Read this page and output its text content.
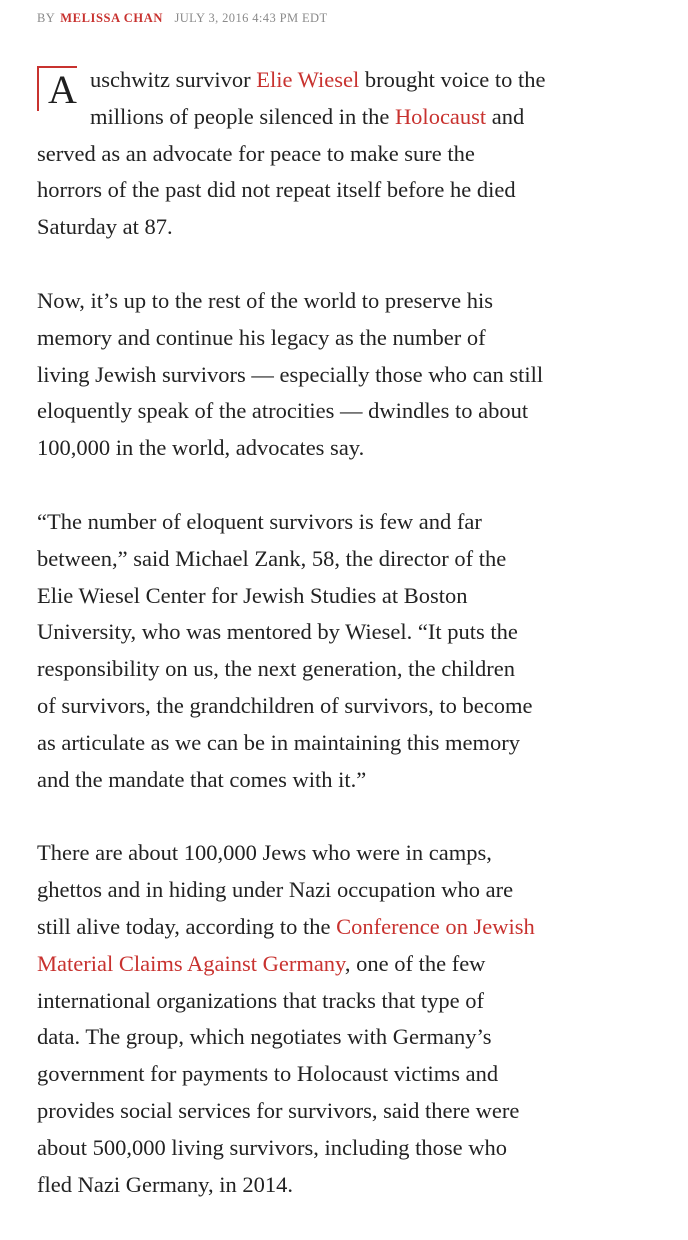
BY MELISSA CHAN JULY 3, 2016 4:43 PM EDT

A uschwitz survivor Elie Wiesel brought voice to the
millions of people silenced in the Holocaust and
served as an advocate for peace to make sure the
horrors of the past did not repeat itself before he died
Saturday at 87.

Now, it’s up to the rest of the world to preserve his
memory and continue his legacy as the number of
living Jewish survivors — especially those who can still
eloquently speak of the atrocities — dwindles to about
100,000 in the world, advocates say.

“The number of eloquent survivors is few and far
between,” said Michael Zank, 58, the director of the
Elie Wiesel Center for Jewish Studies at Boston
University, who was mentored by Wiesel. “It puts the
responsibility on us, the next generation, the children
of survivors, the grandchildren of survivors, to become
as articulate as we can be in maintaining this memory
and the mandate that comes with it.”

There are about 100,000 Jews who were in camps,
ghettos and in hiding under Nazi occupation who are
still alive today, according to the Conference on Jewish
Material Claims Against Germany, one of the few
international organizations that tracks that type of
data. The group, which negotiates with Germany’s
government for payments to Holocaust victims and
provides social services for survivors, said there were
about 500,000 living survivors, including those who
fled Nazi Germany, in 2014.
